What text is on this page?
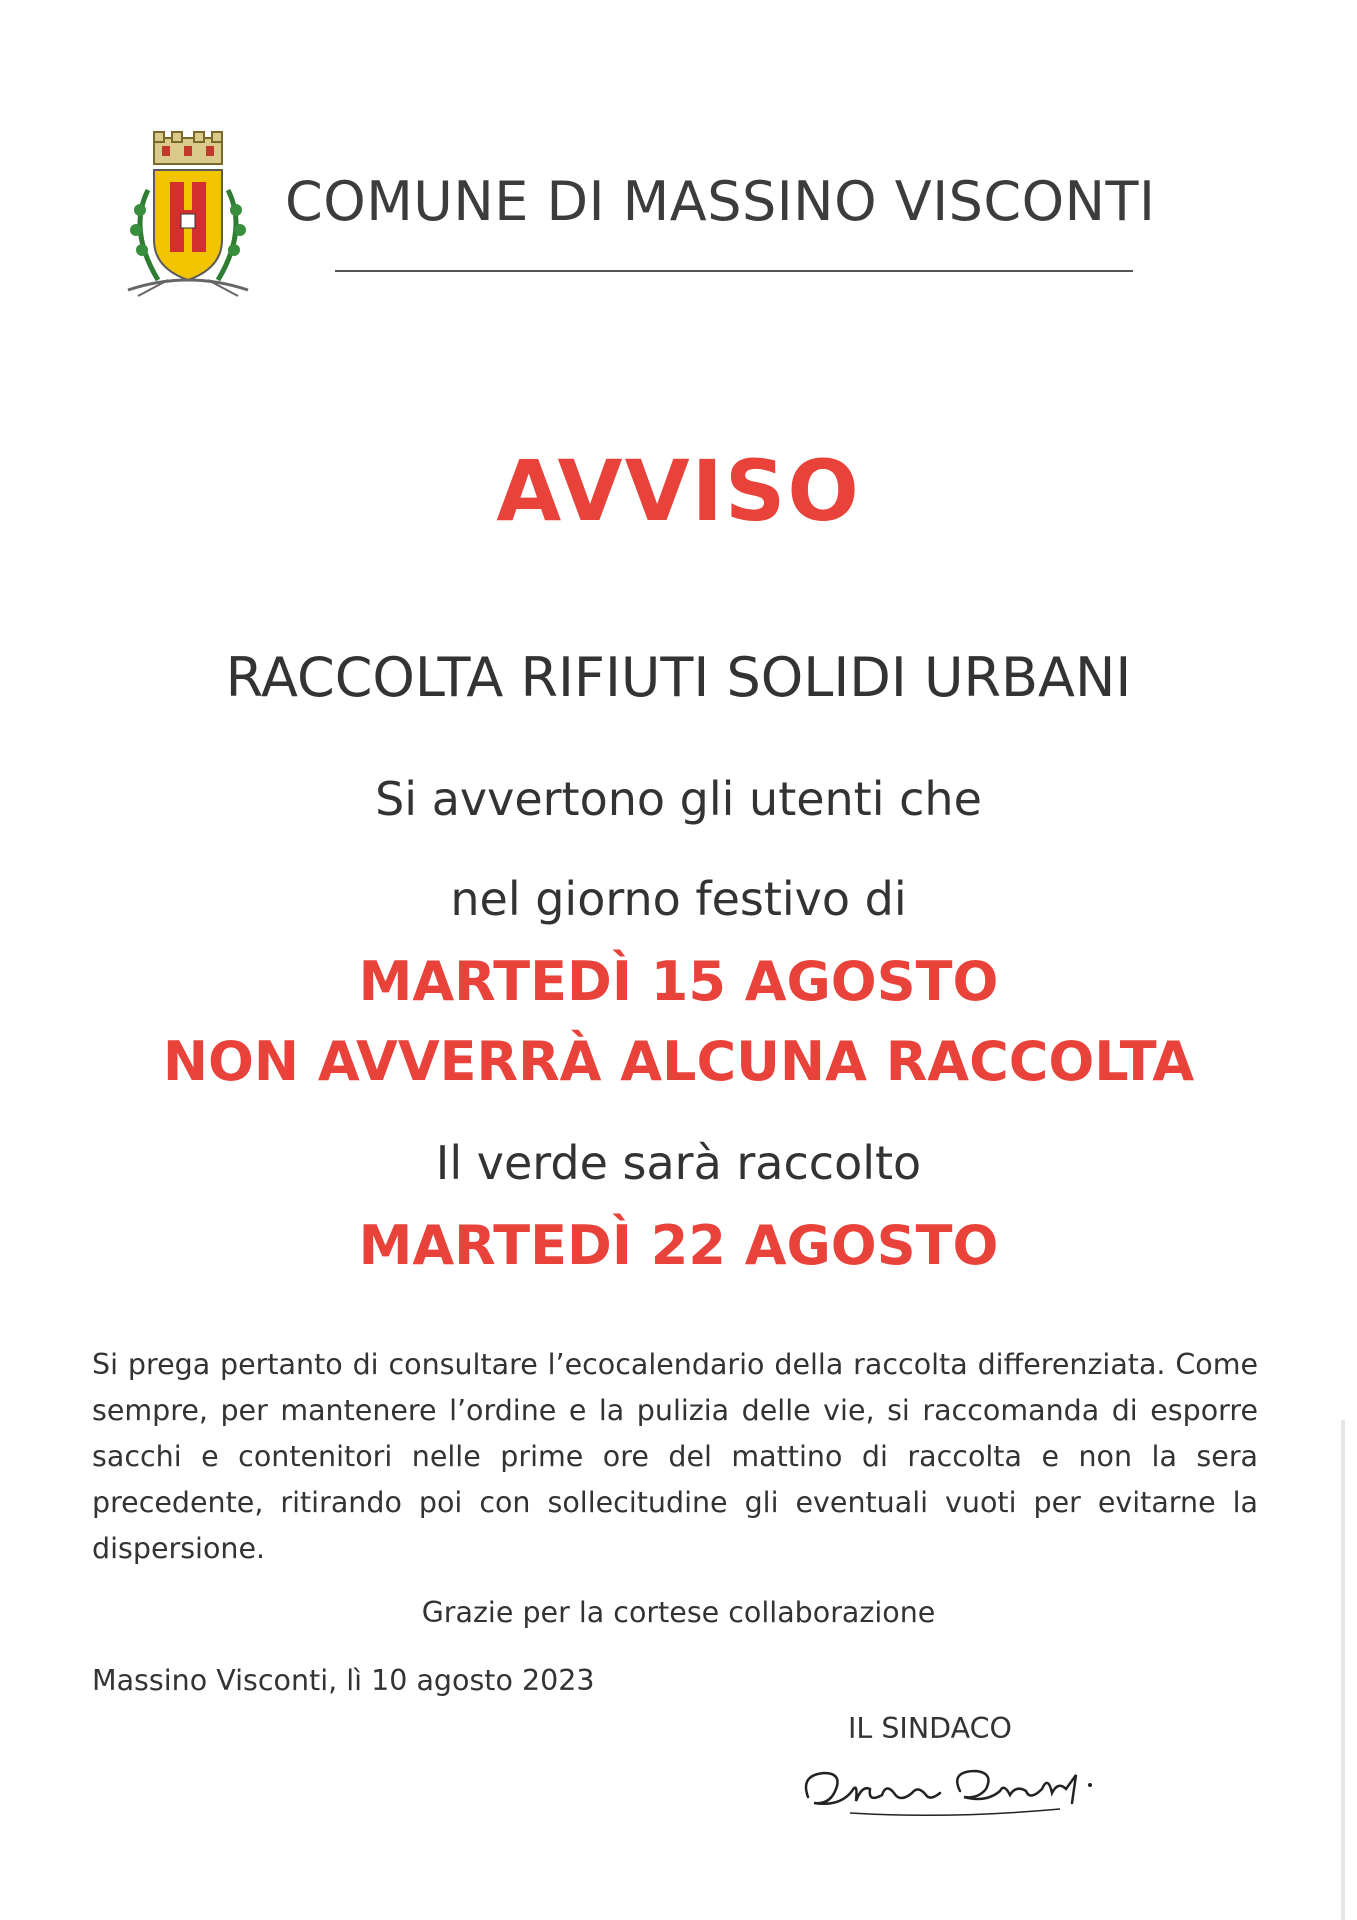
COMUNE DI MASSINO VISCONTI
AVVISO
RACCOLTA RIFIUTI SOLIDI URBANI
Si avvertono gli utenti che
nel giorno festivo di
MARTEDÌ 15 AGOSTO
NON AVVERRÀ ALCUNA RACCOLTA
Il verde sarà raccolto
MARTEDÌ 22 AGOSTO
Si prega pertanto di consultare l’ecocalendario della raccolta differenziata. Come sempre, per mantenere l’ordine e la pulizia delle vie, si raccomanda di esporre sacchi e contenitori nelle prime ore del mattino di raccolta e non la sera precedente, ritirando poi con sollecitudine gli eventuali vuoti per evitarne la dispersione.
Grazie per la cortese collaborazione
Massino Visconti, lì 10 agosto 2023
IL SINDACO
